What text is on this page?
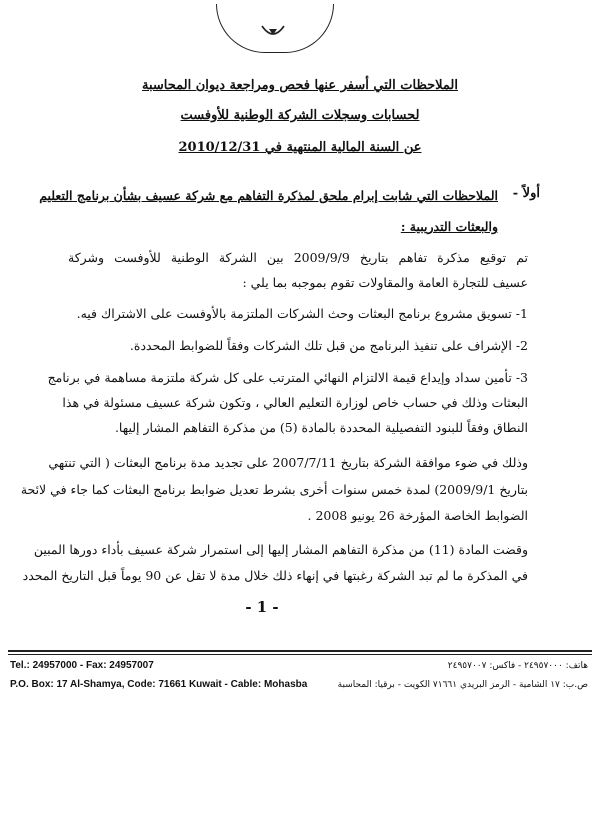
الملاحظات التي أسفر عنها فحص ومراجعة ديوان المحاسبة
لحسابات وسجلات الشركة الوطنية للأوفست
عن السنة المالية المنتهية في 2010/12/31
أولاً -
الملاحظات التي شابت إبرام ملحق لمذكرة التفاهم مع شركة عسيف بشأن برنامج التعليم
والبعثات التدريبية :
تم توقيع مذكرة تفاهم بتاريخ 2009/9/9 بين الشركة الوطنية للأوفست وشركة
عسيف للتجارة العامة والمقاولات تقوم بموجبه بما يلي :
1- تسويق مشروع برنامج البعثات وحث الشركات الملتزمة بالأوفست على الاشتراك فيه.
2- الإشراف على تنفيذ البرنامج من قبل تلك الشركات وفقاً للضوابط المحددة.
3- تأمين سداد وإيداع قيمة الالتزام النهائي المترتب على كل شركة ملتزمة مساهمة في برنامج
البعثات وذلك في حساب خاص لوزارة التعليم العالي ، وتكون شركة عسيف مسئولة في هذا
النطاق وفقاً للبنود التفصيلية المحددة بالمادة (5) من مذكرة التفاهم المشار إليها.
وذلك في ضوء موافقة الشركة بتاريخ 2007/7/11 على تجديد مدة برنامج البعثات ( التي تنتهي
بتاريخ 2009/9/1) لمدة خمس سنوات أخرى بشرط تعديل ضوابط برنامج البعثات كما جاء في لائحة
الضوابط الخاصة المؤرخة 26 يونيو 2008 .
وقضت المادة (11) من مذكرة التفاهم المشار إليها إلى استمرار شركة عسيف بأداء دورها المبين
في المذكرة ما لم تبد الشركة رغبتها في إنهاء ذلك خلال مدة لا تقل عن 90 يوماً قبل التاريخ المحدد
- 1 -
Tel.: 24957000 - Fax: 24957007
P.O. Box: 17 Al-Shamya, Code: 71661 Kuwait - Cable: Mohasba
هاتف: ٢٤٩٥٧٠٠٠ - فاكس: ٢٤٩٥٧٠٠٧
ص.ب: ١٧ الشامية - الرمز البريدي ٧١٦٦١ الكويت - برقيا: المحاسبة
